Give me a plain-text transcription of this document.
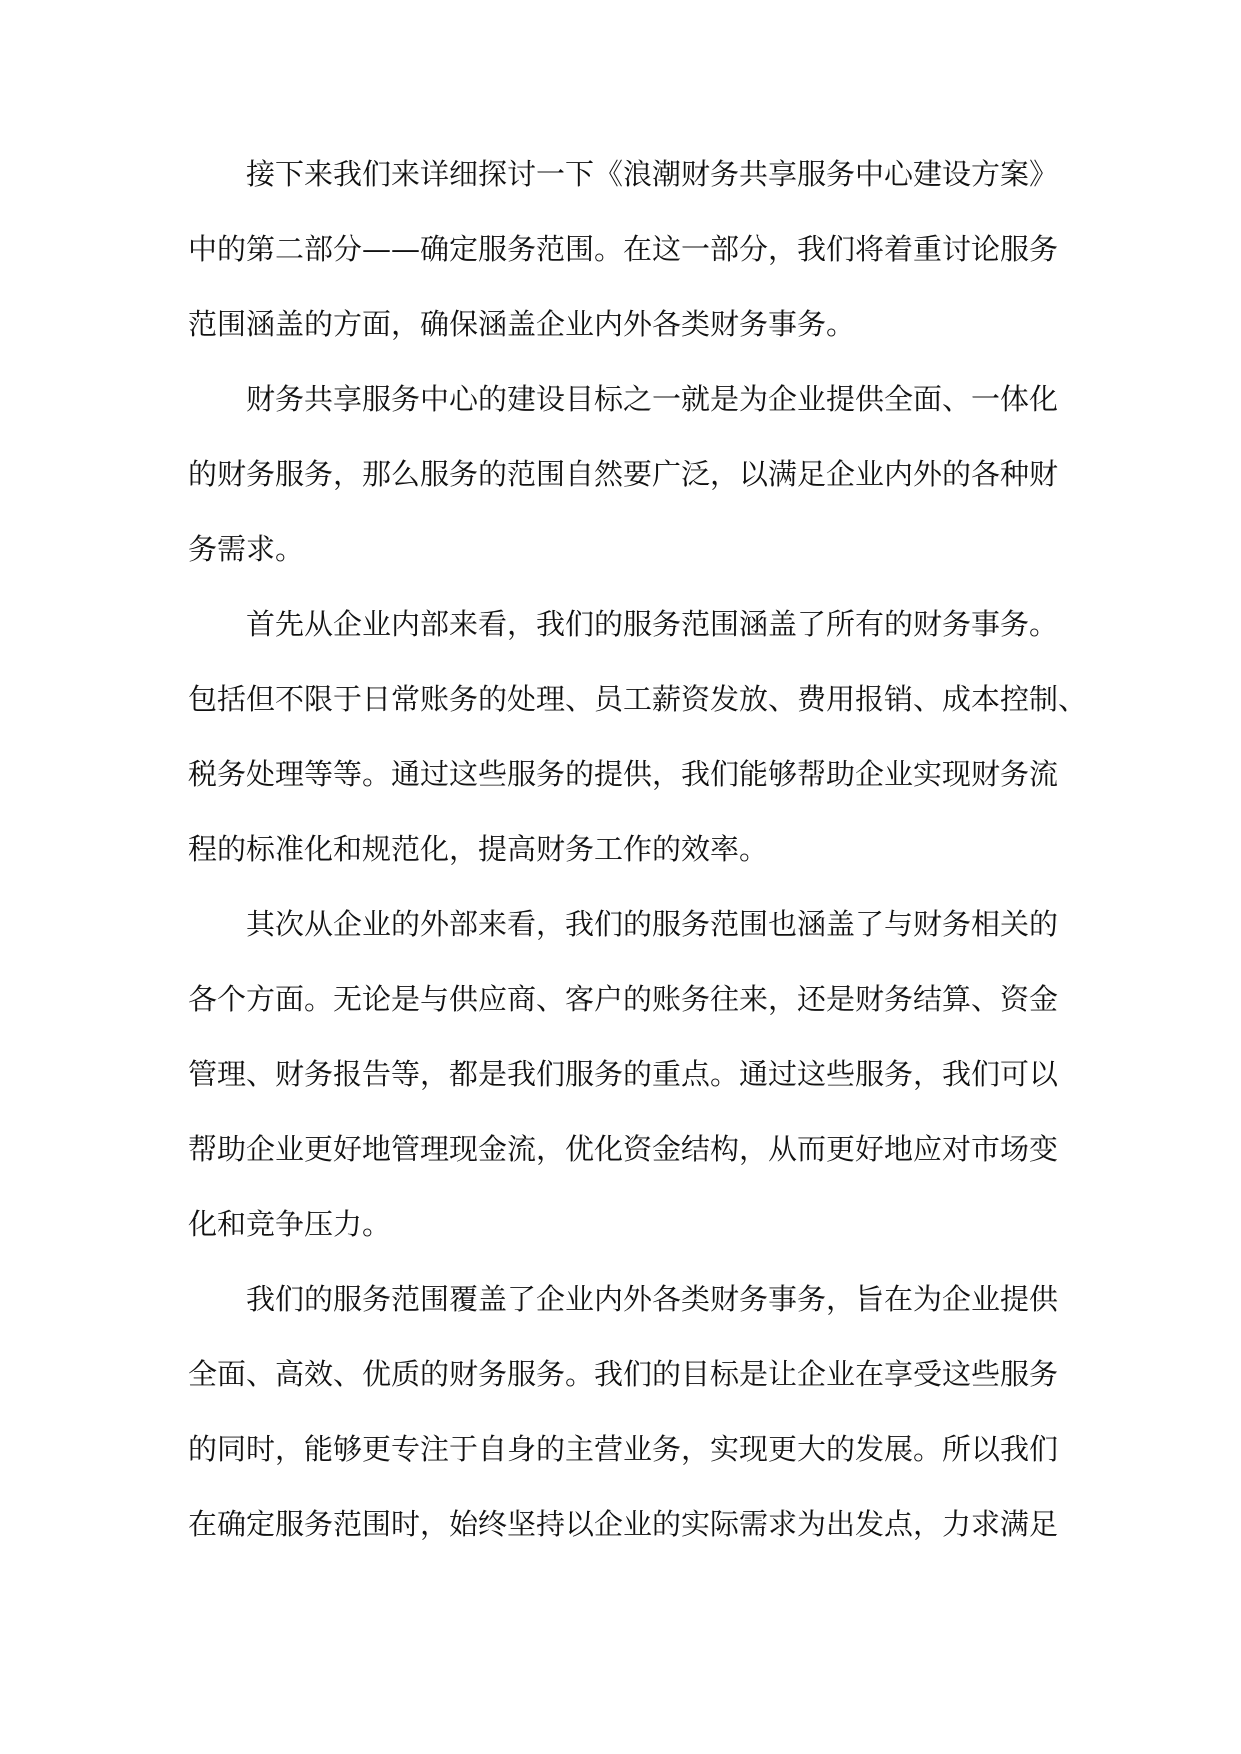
接下来我们来详细探讨一下《浪潮财务共享服务中心建设方案》
中的第二部分——确定服务范围。在这一部分，我们将着重讨论服务
范围涵盖的方面，确保涵盖企业内外各类财务事务。
财务共享服务中心的建设目标之一就是为企业提供全面、一体化
的财务服务，那么服务的范围自然要广泛，以满足企业内外的各种财
务需求。
首先从企业内部来看，我们的服务范围涵盖了所有的财务事务。
包括但不限于日常账务的处理、员工薪资发放、费用报销、成本控制、
税务处理等等。通过这些服务的提供，我们能够帮助企业实现财务流
程的标准化和规范化，提高财务工作的效率。
其次从企业的外部来看，我们的服务范围也涵盖了与财务相关的
各个方面。无论是与供应商、客户的账务往来，还是财务结算、资金
管理、财务报告等，都是我们服务的重点。通过这些服务，我们可以
帮助企业更好地管理现金流，优化资金结构，从而更好地应对市场变
化和竞争压力。
我们的服务范围覆盖了企业内外各类财务事务，旨在为企业提供
全面、高效、优质的财务服务。我们的目标是让企业在享受这些服务
的同时，能够更专注于自身的主营业务，实现更大的发展。所以我们
在确定服务范围时，始终坚持以企业的实际需求为出发点，力求满足
